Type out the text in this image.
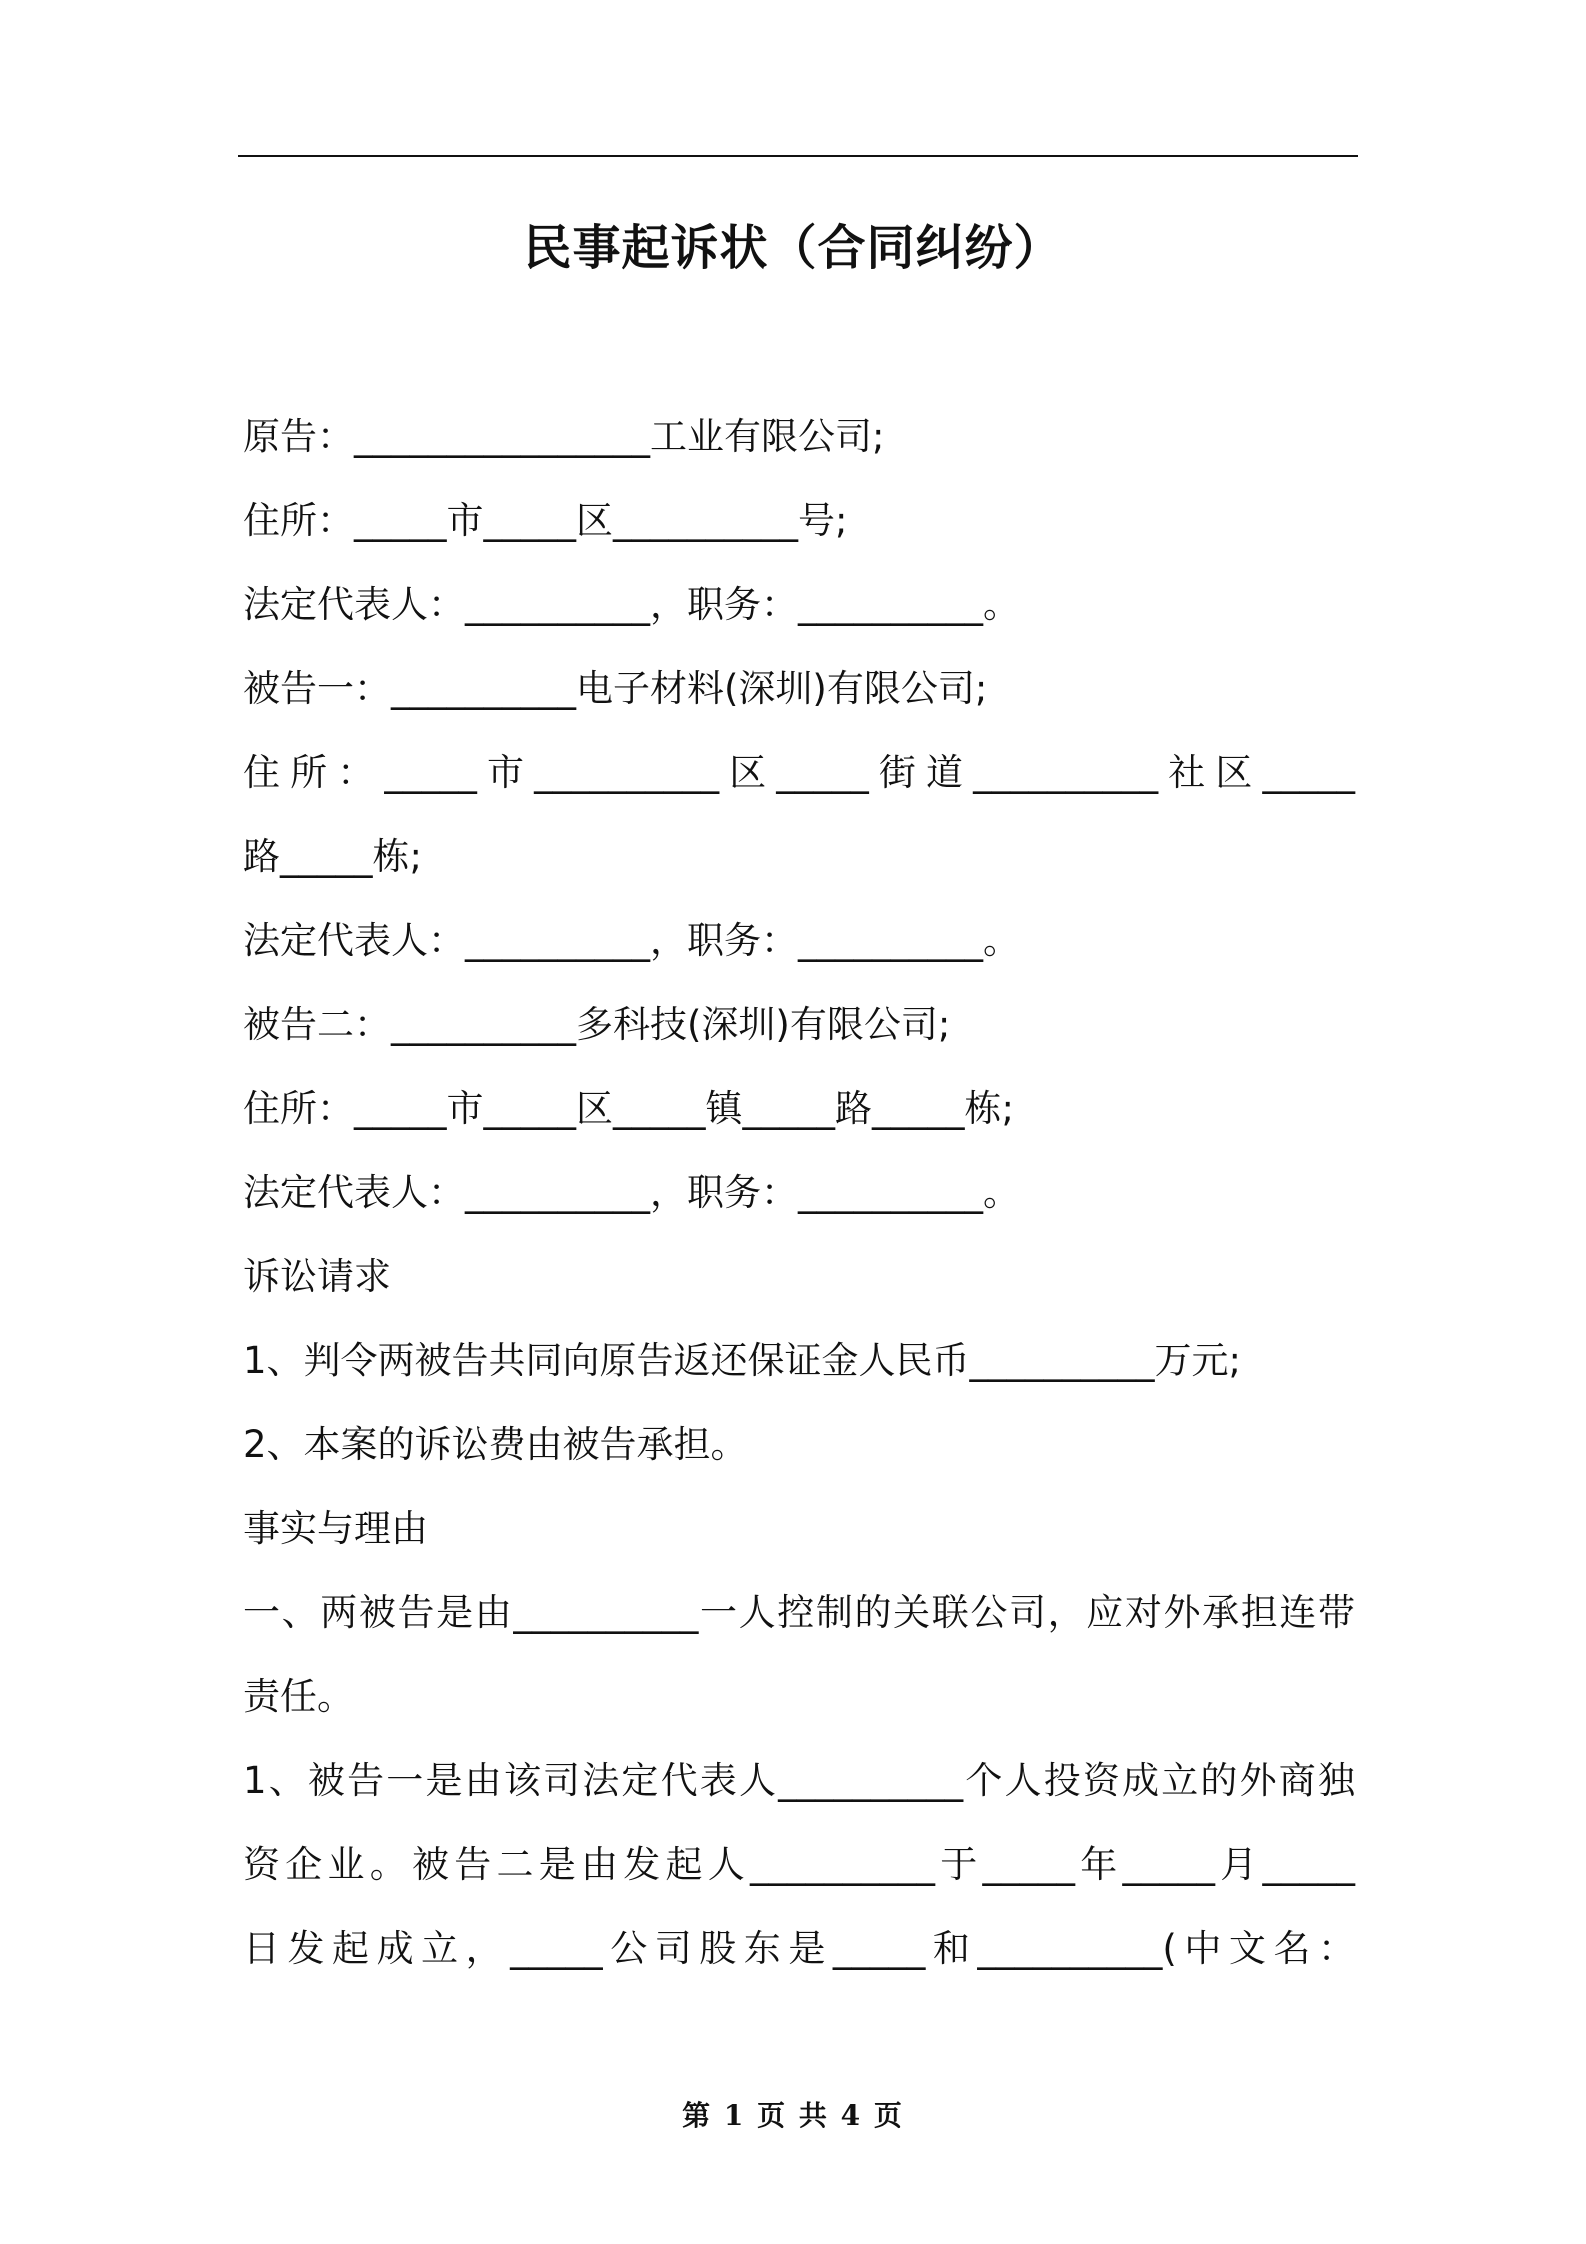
民事起诉状（合同纠纷）

原告：________________工业有限公司;

住所：_____市_____区__________号;

法定代表人：__________，职务：__________。

被告一：__________电子材料(深圳)有限公司;

住所：_____市__________区_____街道__________社区_____

路_____栋;

法定代表人：__________，职务：__________。

被告二：__________多科技(深圳)有限公司;

住所：_____市_____区_____镇_____路_____栋;

法定代表人：__________，职务：__________。

诉讼请求

1、判令两被告共同向原告返还保证金人民币__________万元;

2、本案的诉讼费由被告承担。

事实与理由

一、两被告是由__________一人控制的关联公司，应对外承担连带

责任。

1、被告一是由该司法定代表人__________个人投资成立的外商独

资企业。被告二是由发起人__________于_____年_____月_____

日发起成立，_____公司股东是_____和__________(中文名：

第 1 页 共 4 页
